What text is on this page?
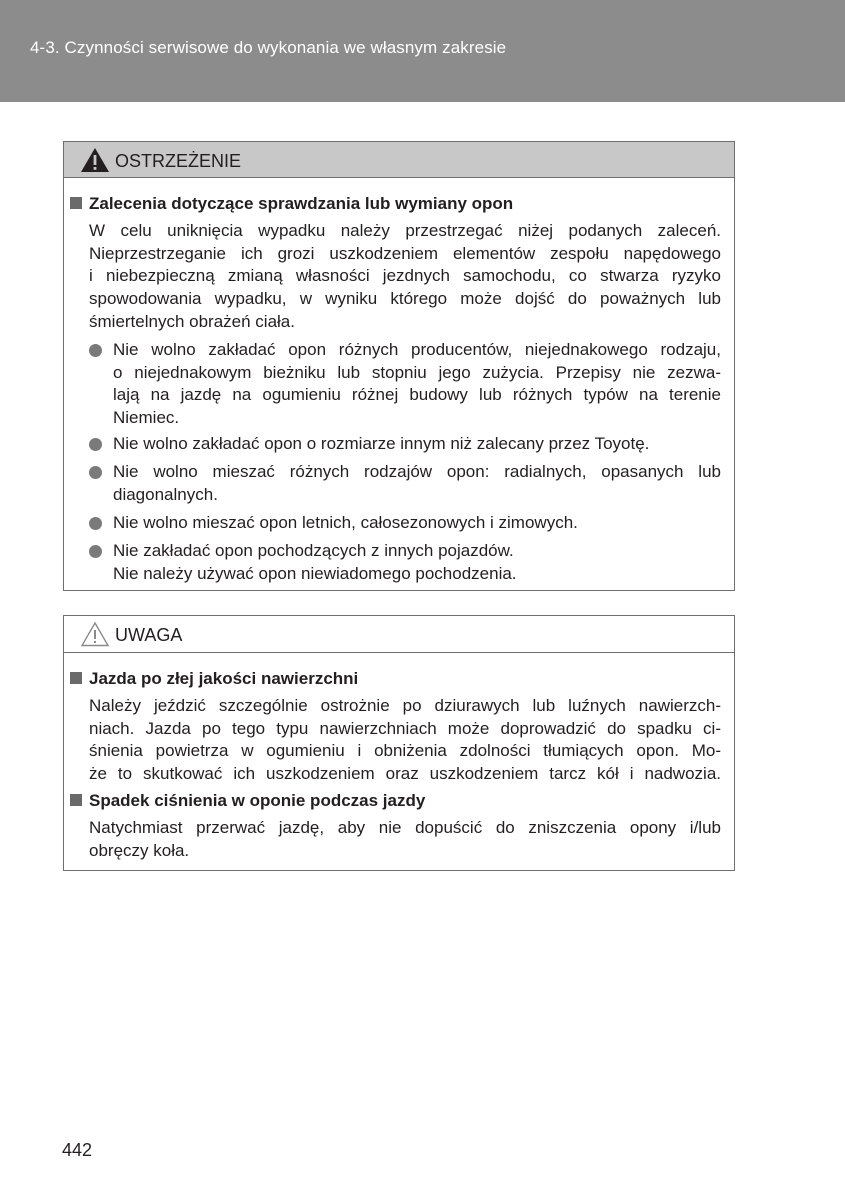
4-3. Czynności serwisowe do wykonania we własnym zakresie
OSTRZEŻENIE
Zalecenia dotyczące sprawdzania lub wymiany opon
W celu uniknięcia wypadku należy przestrzegać niżej podanych zaleceń.
Nieprzestrzeganie ich grozi uszkodzeniem elementów zespołu napędowego
i niebezpieczną zmianą własności jezdnych samochodu, co stwarza ryzyko
spowodowania wypadku, w wyniku którego może dojść do poważnych lub
śmiertelnych obrażeń ciała.
Nie wolno zakładać opon różnych producentów, niejednakowego rodzaju,
o niejednakowym bieżniku lub stopniu jego zużycia. Przepisy nie zezwa-
lają na jazdę na ogumieniu różnej budowy lub różnych typów na terenie
Niemiec.
Nie wolno zakładać opon o rozmiarze innym niż zalecany przez Toyotę.
Nie wolno mieszać różnych rodzajów opon: radialnych, opasanych lub
diagonalnych.
Nie wolno mieszać opon letnich, całosezonowych i zimowych.
Nie zakładać opon pochodzących z innych pojazdów.
Nie należy używać opon niewiadomego pochodzenia.
UWAGA
Jazda po złej jakości nawierzchni
Należy jeździć szczególnie ostrożnie po dziurawych lub luźnych nawierzch-
niach. Jazda po tego typu nawierzchniach może doprowadzić do spadku ci-
śnienia powietrza w ogumieniu i obniżenia zdolności tłumiących opon. Mo-
że to skutkować ich uszkodzeniem oraz uszkodzeniem tarcz kół i nadwozia.
Spadek ciśnienia w oponie podczas jazdy
Natychmiast przerwać jazdę, aby nie dopuścić do zniszczenia opony i/lub
obręczy koła.
442
